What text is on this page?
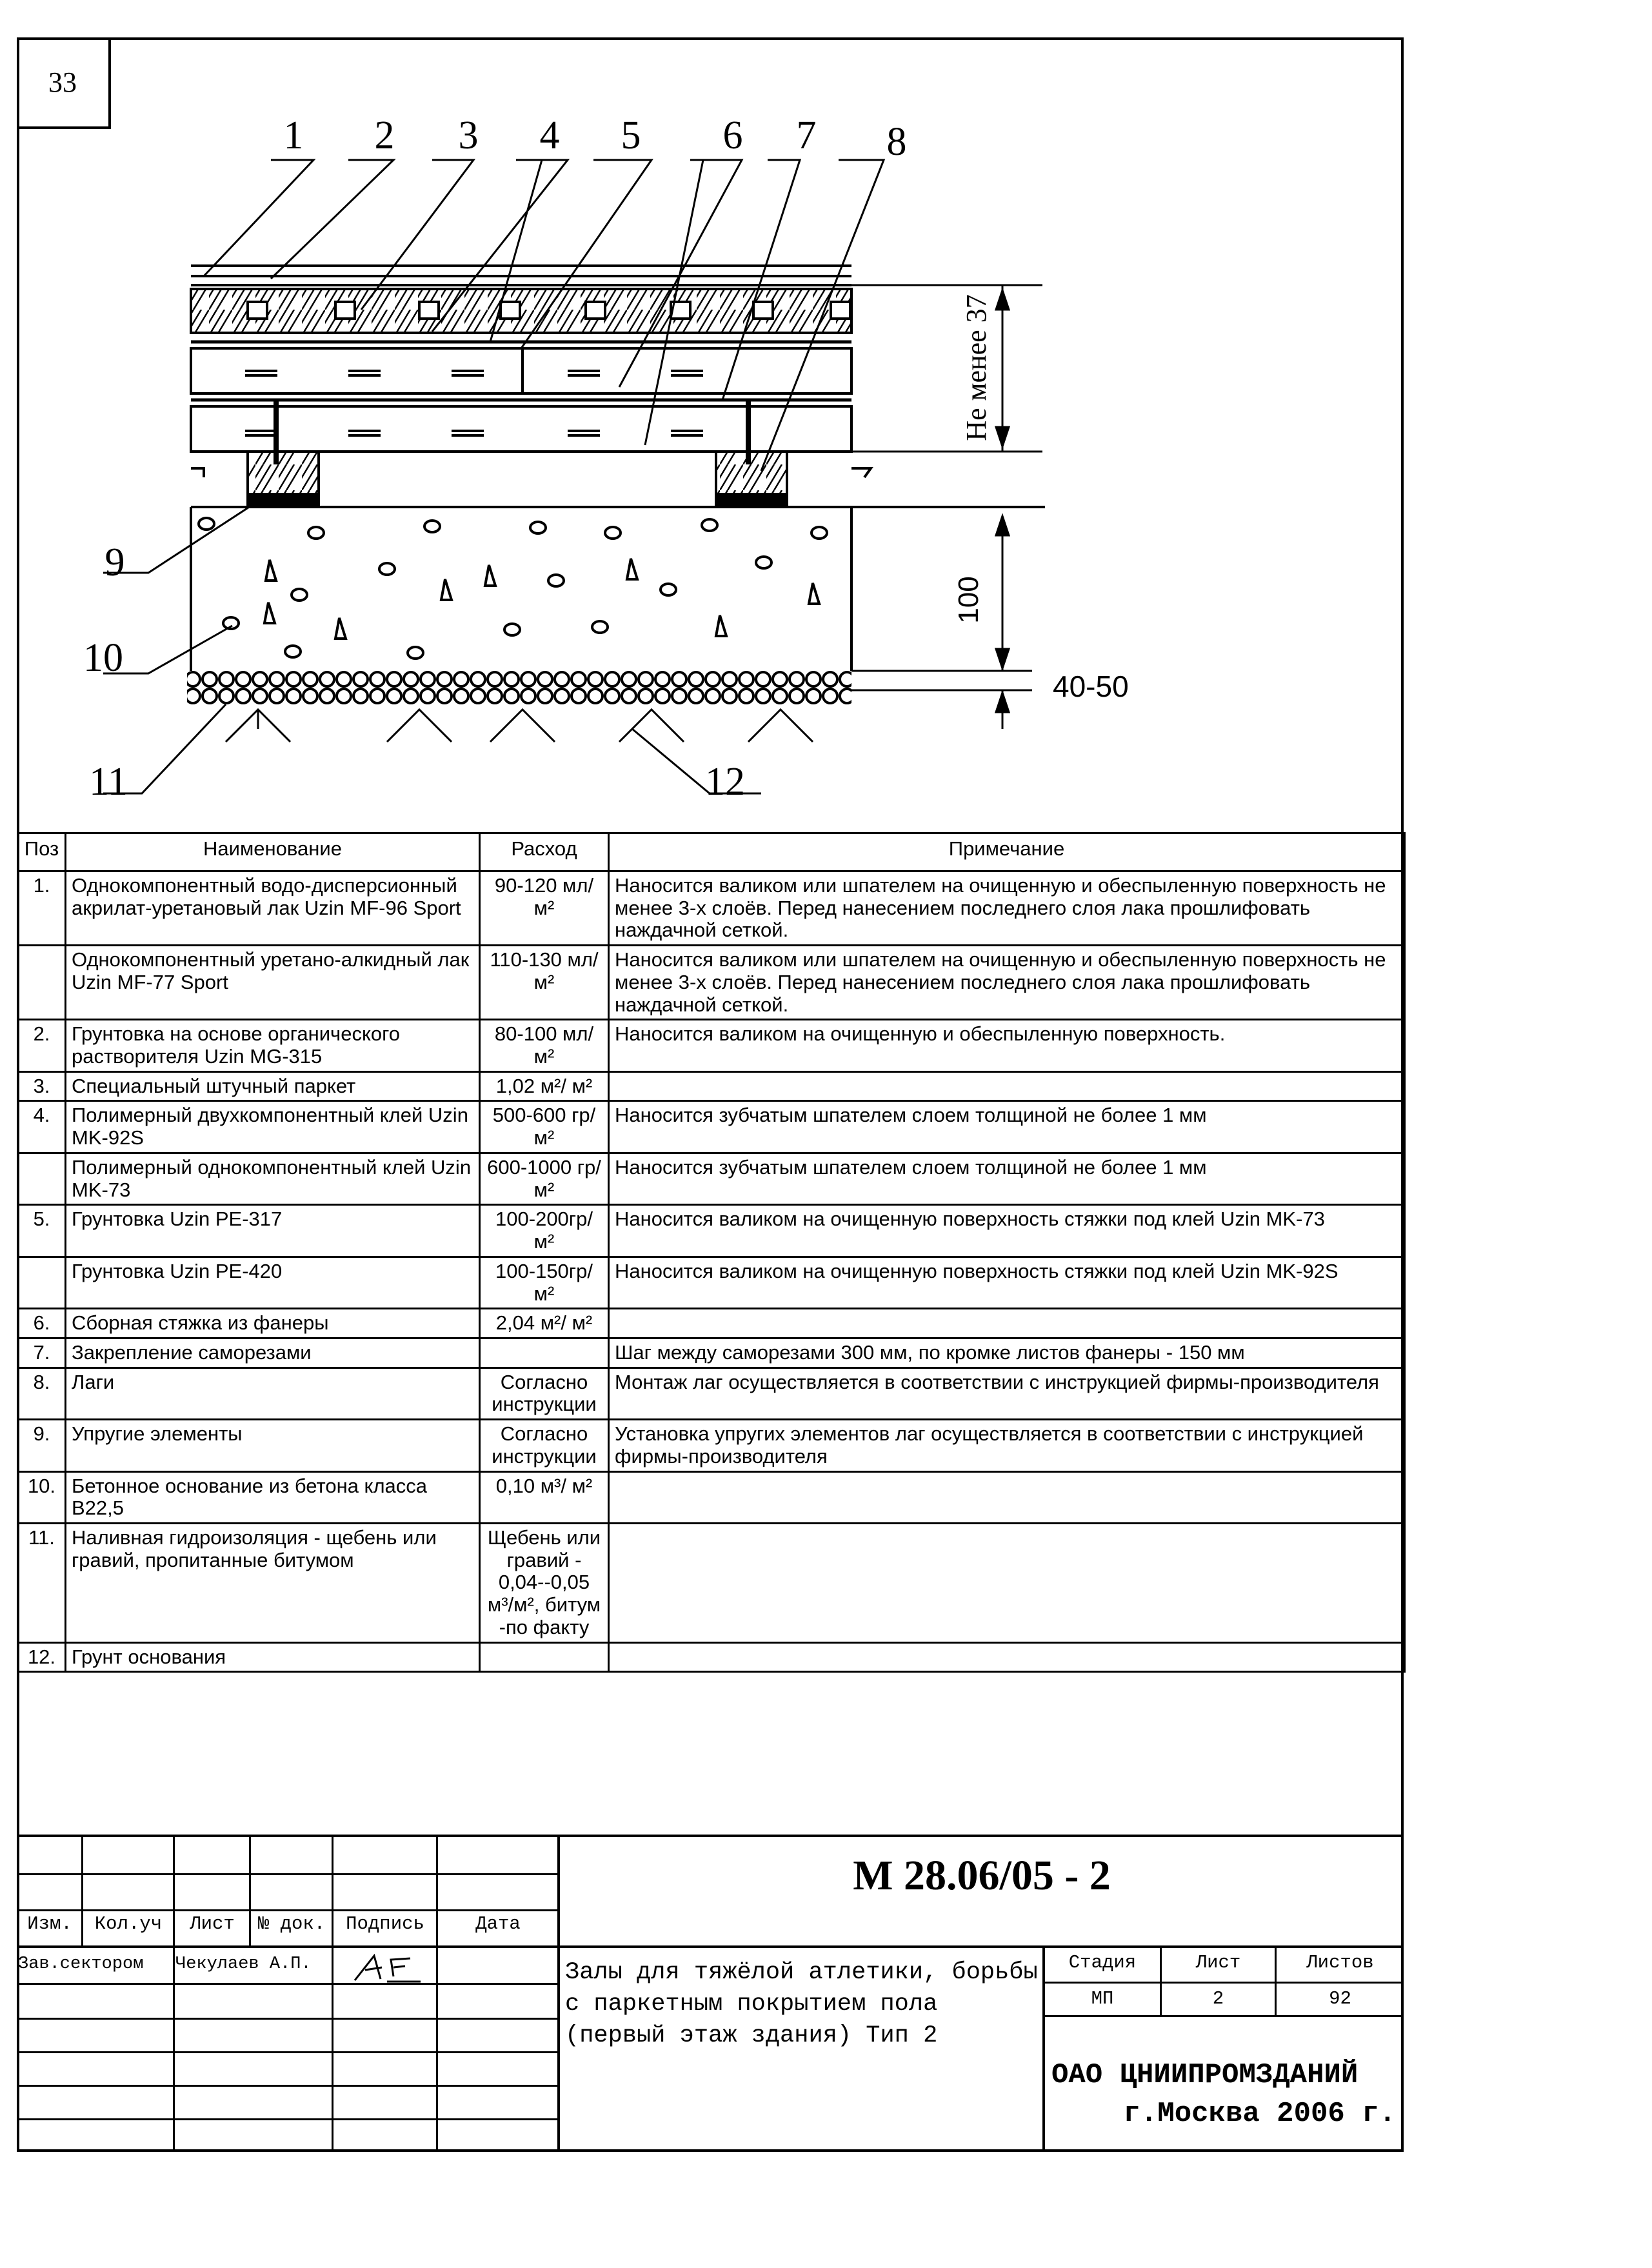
33
1 2 3 4 5 6 7 8
9
10
11	12
Не менее 37
100
40-50
Поз	Наименование	Расход	Примечание
1.	Однокомпонентный водо-дисперсионный акрилат-уретановый лак Uzin MF-96 Sport	90-120 мл/м²	Наносится валиком или шпателем на очищенную и обеспыленную поверхность не менее 3-х слоёв. Перед нанесением последнего слоя лака прошлифовать наждачной сеткой.
	Однокомпонентный уретано-алкидный лак Uzin MF-77 Sport	110-130 мл/м²	Наносится валиком или шпателем на очищенную и обеспыленную поверхность не менее 3-х слоёв. Перед нанесением последнего слоя лака прошлифовать наждачной сеткой.
2.	Грунтовка на основе органического растворителя Uzin MG-315	80-100 мл/м²	Наносится валиком на очищенную и обеспыленную поверхность.
3.	Специальный штучный паркет	1,02 м²/ м²	
4.	Полимерный двухкомпонентный клей Uzin MK-92S	500-600 гр/м²	Наносится зубчатым шпателем слоем толщиной не более 1 мм
	Полимерный однокомпонентный клей Uzin MK-73	600-1000 гр/м²	Наносится зубчатым шпателем слоем толщиной не более 1 мм
5.	Грунтовка Uzin PE-317	100-200гр/м²	Наносится валиком на очищенную поверхность стяжки под клей Uzin MK-73
	Грунтовка Uzin PE-420	100-150гр/м²	Наносится валиком на очищенную поверхность стяжки под клей Uzin MK-92S
6.	Сборная стяжка из фанеры	2,04 м²/ м²	
7.	Закрепление саморезами		Шаг между саморезами 300 мм, по кромке листов фанеры - 150 мм
8.	Лаги	Согласно инструкции	Монтаж лаг осуществляется в соответствии с инструкцией фирмы-производителя
9.	Упругие элементы	Согласно инструкции	Установка упругих элементов лаг осуществляется в соответствии с инструкцией фирмы-производителя
10.	Бетонное основание из бетона класса B22,5	0,10 м³/ м²	
11.	Наливная гидроизоляция - щебень или гравий, пропитанные битумом	Щебень или гравий - 0,04--0,05 м³/м², битум -по факту	
12.	Грунт основания		
Изм.	Кол.уч	Лист	№ док.	Подпись	Дата
Зав.сектором	Чекулаев А.П.
Af
М 28.06/05 - 2
Залы для тяжёлой атлетики, борьбы с паркетным покрытием пола (первый этаж здания) Тип 2
Стадия	Лист	Листов
МП	2	92
ОАО ЦНИИПРОМЗДАНИЙ
г.Москва 2006 г.
